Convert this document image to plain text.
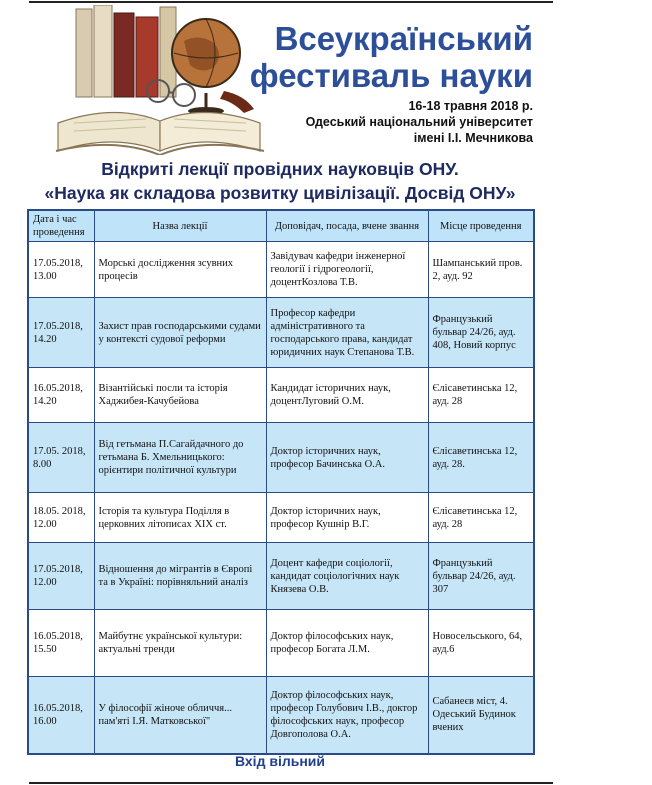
Всеукраїнський
фестиваль науки
16-18 травня 2018 р.
Одеський національний університет
імені І.І. Мечникова
Відкриті лекції провідних науковців ОНУ.
«Наука як складова розвитку цивілізації. Досвід ОНУ»
Дата і час проведення	Назва лекції	Доповідач, посада, вчене звання	Місце проведення
17.05.2018, 13.00	Морські дослідження зсувних процесів	Завідувач кафедри інженерної геології і гідрогеології, доцентКозлова Т.В.	Шампанський пров. 2, ауд. 92
17.05.2018, 14.20	Захист прав господарськими судами у контексті судової реформи	Професор кафедри адміністративного та господарського права, кандидат юридичних наук Степанова Т.В.	Французький бульвар 24/26, ауд. 408, Новий корпус
16.05.2018, 14.20	Візантійські посли та історія Хаджибея-Качубейова	Кандидат історичних наук, доцентЛуговий О.М.	Єлісаветинська 12, ауд. 28
17.05. 2018, 8.00	Від гетьмана П.Сагайдачного до гетьмана Б. Хмельницького: орієнтири політичної культури	Доктор історичних наук, професор Бачинська О.А.	Єлісаветинська 12, ауд. 28.
18.05. 2018, 12.00	Історія та культура Поділля в церковних літописах ХІХ ст.	Доктор історичних наук, професор Кушнір В.Г.	Єлісаветинська 12, ауд. 28
17.05.2018, 12.00	Відношення до мігрантів в Європі та в Україні: порівняльний аналіз	Доцент кафедри соціології, кандидат соціологічних наук Князева О.В.	Французький бульвар 24/26, ауд. 307
16.05.2018, 15.50	Майбутнє української культури: актуальні тренди	Доктор філософських наук, професор Богата Л.М.	Новосельського, 64, ауд.6
16.05.2018, 16.00	У філософії жіноче обличчя... пам'яті І.Я. Матковської"	Доктор філософських наук, професор Голубович І.В., доктор філософських наук, професор Довгополова О.А.	Сабанеєв міст, 4. Одеський Будинок вчених
Вхід вільний
